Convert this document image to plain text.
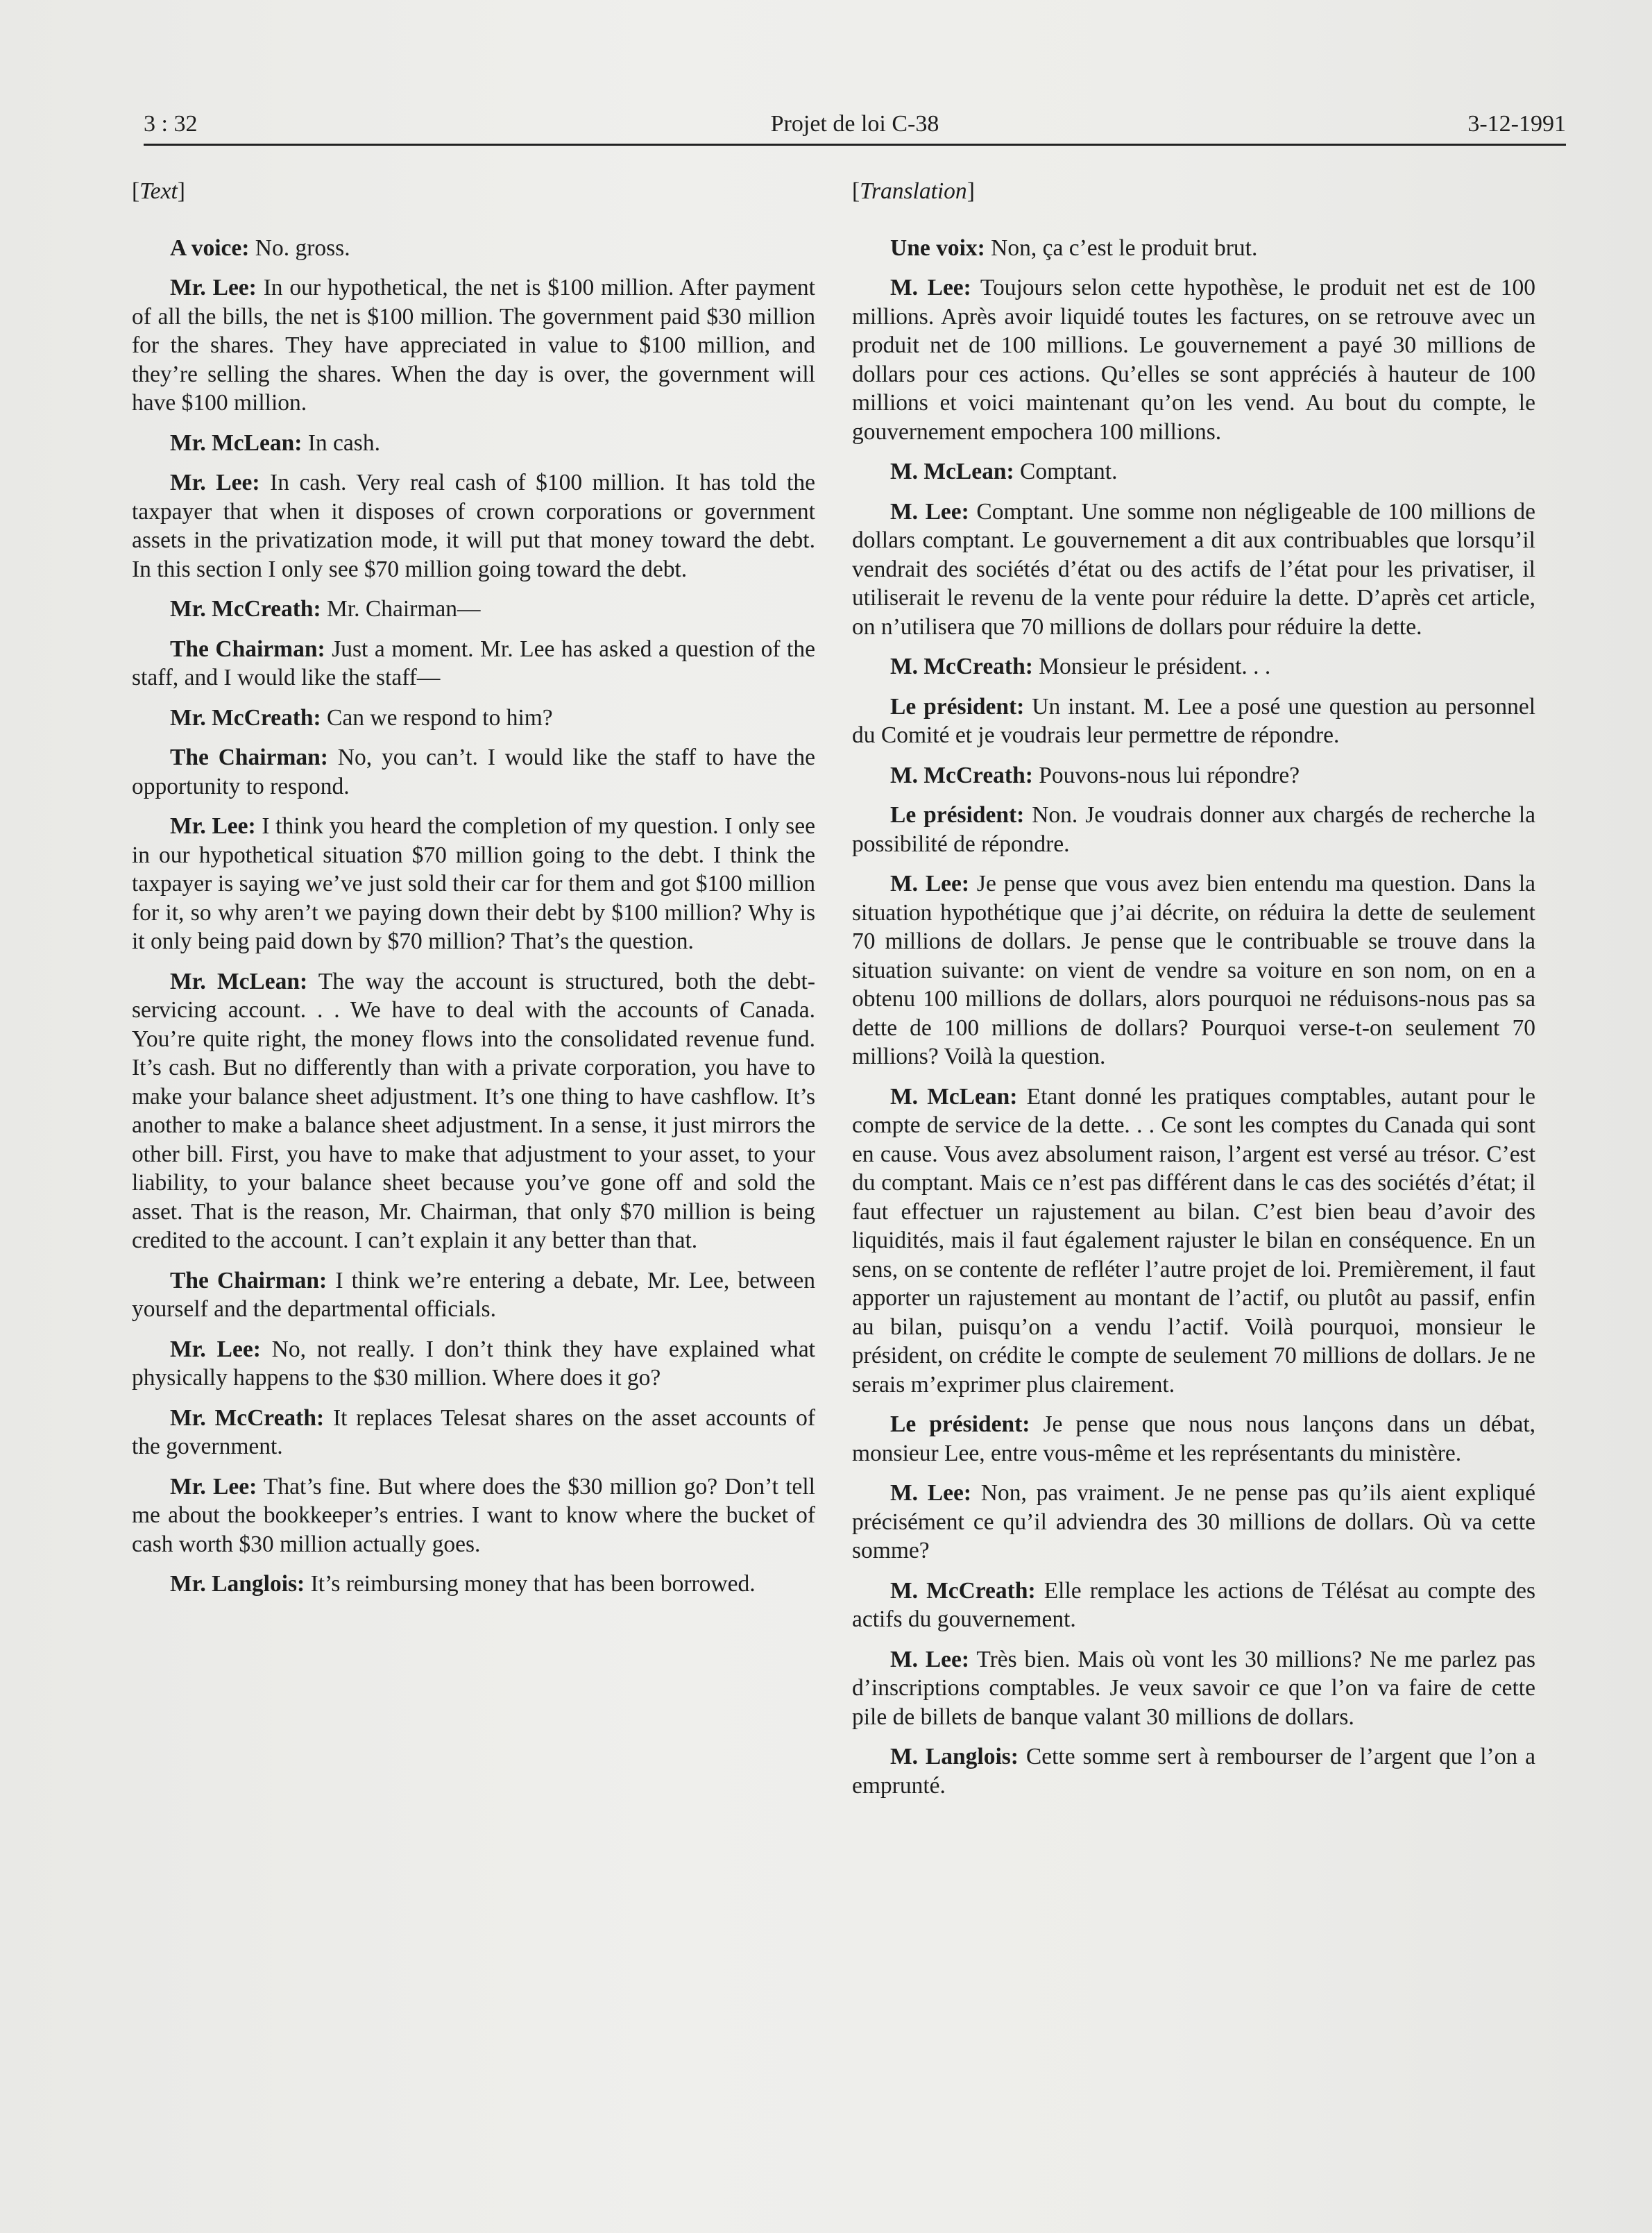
3 : 32	Projet de loi C-38	3-12-1991
[Text]

A voice: No. gross.

Mr. Lee: In our hypothetical, the net is $100 million. After payment of all the bills, the net is $100 million. The government paid $30 million for the shares. They have appreciated in value to $100 million, and they’re selling the shares. When the day is over, the government will have $100 million.

Mr. McLean: In cash.

Mr. Lee: In cash. Very real cash of $100 million. It has told the taxpayer that when it disposes of crown corporations or government assets in the privatization mode, it will put that money toward the debt. In this section I only see $70 million going toward the debt.

Mr. McCreath: Mr. Chairman—

The Chairman: Just a moment. Mr. Lee has asked a question of the staff, and I would like the staff—

Mr. McCreath: Can we respond to him?

The Chairman: No, you can’t. I would like the staff to have the opportunity to respond.

Mr. Lee: I think you heard the completion of my question. I only see in our hypothetical situation $70 million going to the debt. I think the taxpayer is saying we’ve just sold their car for them and got $100 million for it, so why aren’t we paying down their debt by $100 million? Why is it only being paid down by $70 million? That’s the question.

Mr. McLean: The way the account is structured, both the debt-servicing account. . . We have to deal with the accounts of Canada. You’re quite right, the money flows into the consolidated revenue fund. It’s cash. But no differently than with a private corporation, you have to make your balance sheet adjustment. It’s one thing to have cashflow. It’s another to make a balance sheet adjustment. In a sense, it just mirrors the other bill. First, you have to make that adjustment to your asset, to your liability, to your balance sheet because you’ve gone off and sold the asset. That is the reason, Mr. Chairman, that only $70 million is being credited to the account. I can’t explain it any better than that.

The Chairman: I think we’re entering a debate, Mr. Lee, between yourself and the departmental officials.

Mr. Lee: No, not really. I don’t think they have explained what physically happens to the $30 million. Where does it go?

Mr. McCreath: It replaces Telesat shares on the asset accounts of the government.

Mr. Lee: That’s fine. But where does the $30 million go? Don’t tell me about the bookkeeper’s entries. I want to know where the bucket of cash worth $30 million actually goes.

Mr. Langlois: It’s reimbursing money that has been borrowed.

[Translation]

Une voix: Non, ça c’est le produit brut.

M. Lee: Toujours selon cette hypothèse, le produit net est de 100 millions. Après avoir liquidé toutes les factures, on se retrouve avec un produit net de 100 millions. Le gouvernement a payé 30 millions de dollars pour ces actions. Qu’elles se sont appréciés à hauteur de 100 millions et voici maintenant qu’on les vend. Au bout du compte, le gouvernement empochera 100 millions.

M. McLean: Comptant.

M. Lee: Comptant. Une somme non négligeable de 100 millions de dollars comptant. Le gouvernement a dit aux contribuables que lorsqu’il vendrait des sociétés d’état ou des actifs de l’état pour les privatiser, il utiliserait le revenu de la vente pour réduire la dette. D’après cet article, on n’utilisera que 70 millions de dollars pour réduire la dette.

M. McCreath: Monsieur le président. . .

Le président: Un instant. M. Lee a posé une question au personnel du Comité et je voudrais leur permettre de répondre.

M. McCreath: Pouvons-nous lui répondre?

Le président: Non. Je voudrais donner aux chargés de recherche la possibilité de répondre.

M. Lee: Je pense que vous avez bien entendu ma question. Dans la situation hypothétique que j’ai décrite, on réduira la dette de seulement 70 millions de dollars. Je pense que le contribuable se trouve dans la situation suivante: on vient de vendre sa voiture en son nom, on en a obtenu 100 millions de dollars, alors pourquoi ne réduisons-nous pas sa dette de 100 millions de dollars? Pourquoi verse-t-on seulement 70 millions? Voilà la question.

M. McLean: Etant donné les pratiques comptables, autant pour le compte de service de la dette. . . Ce sont les comptes du Canada qui sont en cause. Vous avez absolument raison, l’argent est versé au trésor. C’est du comptant. Mais ce n’est pas différent dans le cas des sociétés d’état; il faut effectuer un rajustement au bilan. C’est bien beau d’avoir des liquidités, mais il faut également rajuster le bilan en conséquence. En un sens, on se contente de refléter l’autre projet de loi. Premièrement, il faut apporter un rajustement au montant de l’actif, ou plutôt au passif, enfin au bilan, puisqu’on a vendu l’actif. Voilà pourquoi, monsieur le président, on crédite le compte de seulement 70 millions de dollars. Je ne serais m’exprimer plus clairement.

Le président: Je pense que nous nous lançons dans un débat, monsieur Lee, entre vous-même et les représentants du ministère.

M. Lee: Non, pas vraiment. Je ne pense pas qu’ils aient expliqué précisément ce qu’il adviendra des 30 millions de dollars. Où va cette somme?

M. McCreath: Elle remplace les actions de Télésat au compte des actifs du gouvernement.

M. Lee: Très bien. Mais où vont les 30 millions? Ne me parlez pas d’inscriptions comptables. Je veux savoir ce que l’on va faire de cette pile de billets de banque valant 30 millions de dollars.

M. Langlois: Cette somme sert à rembourser de l’argent que l’on a emprunté.
